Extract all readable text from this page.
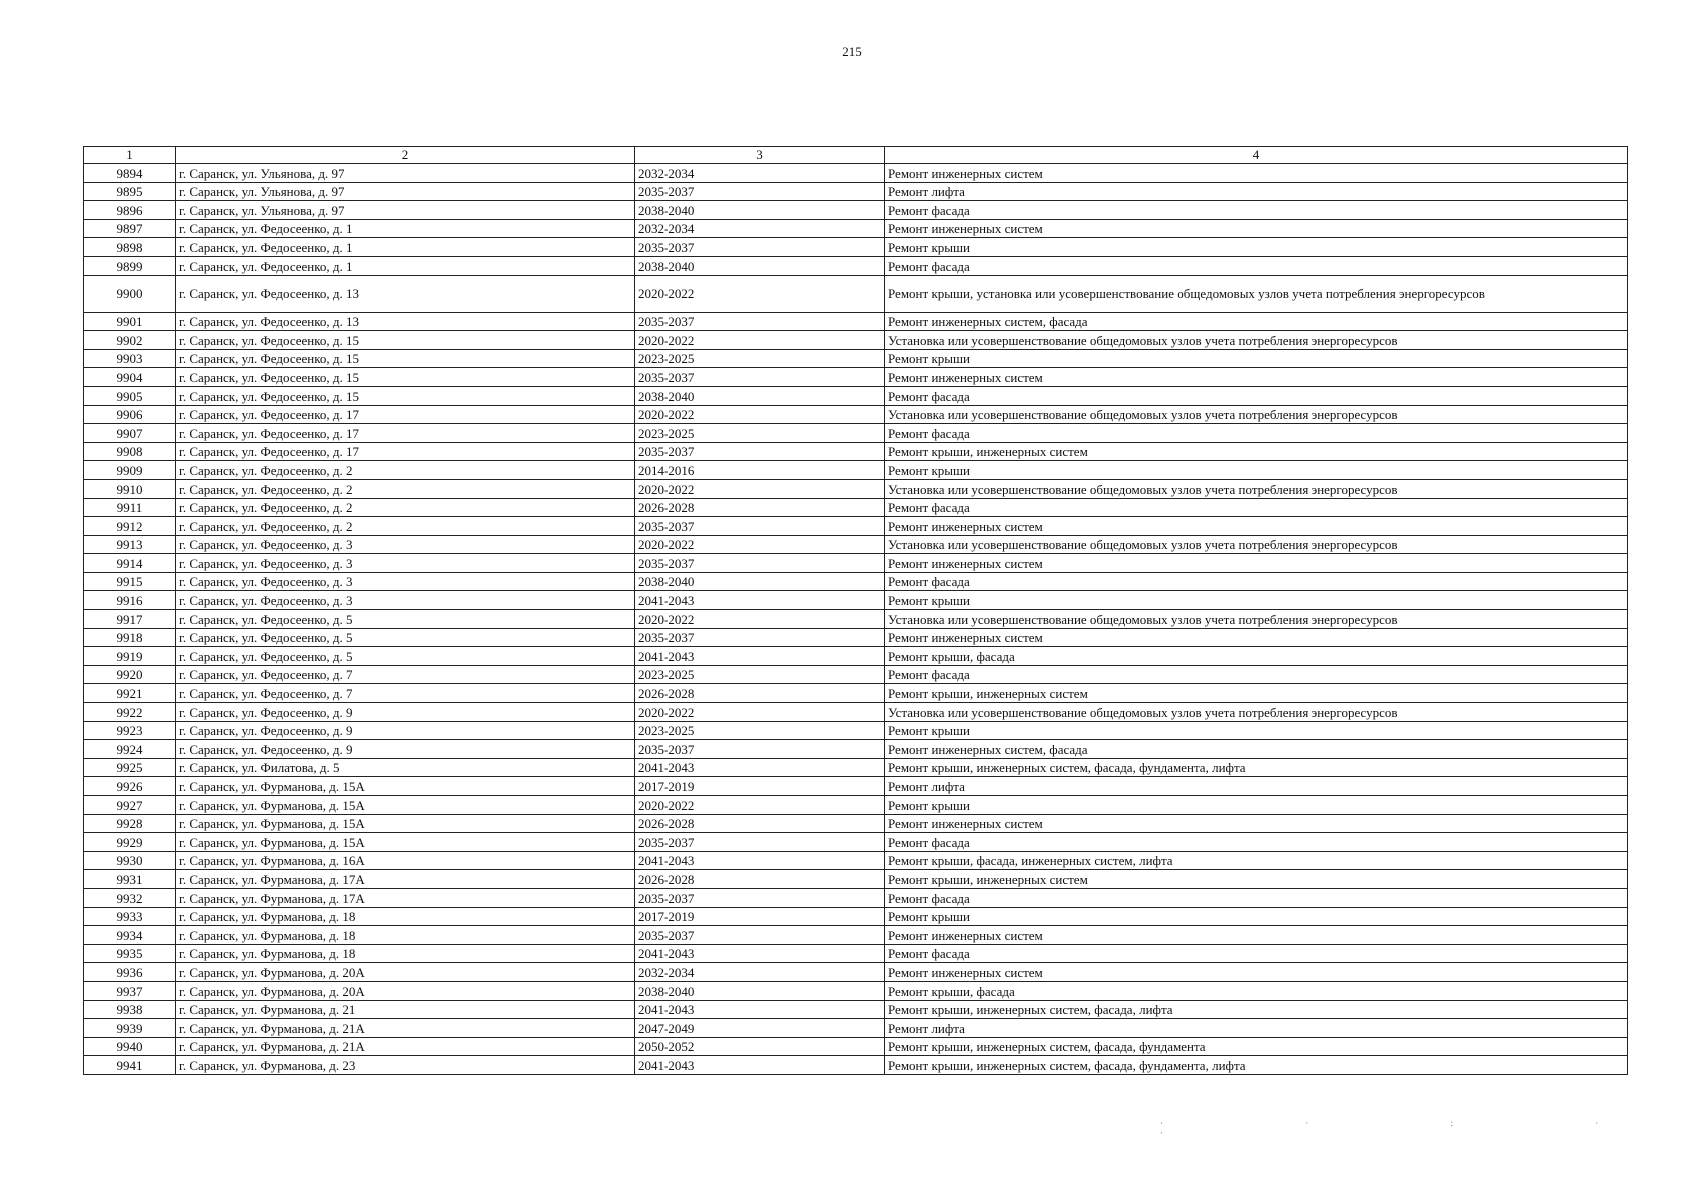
215
1	2	3	4
9894	г. Саранск, ул. Ульянова, д. 97	2032-2034	Ремонт инженерных систем
9895	г. Саранск, ул. Ульянова, д. 97	2035-2037	Ремонт лифта
9896	г. Саранск, ул. Ульянова, д. 97	2038-2040	Ремонт фасада
9897	г. Саранск, ул. Федосеенко, д. 1	2032-2034	Ремонт инженерных систем
9898	г. Саранск, ул. Федосеенко, д. 1	2035-2037	Ремонт крыши
9899	г. Саранск, ул. Федосеенко, д. 1	2038-2040	Ремонт фасада
9900	г. Саранск, ул. Федосеенко, д. 13	2020-2022	Ремонт крыши, установка или усовершенствование общедомовых узлов учета потребления энергоресурсов
9901	г. Саранск, ул. Федосеенко, д. 13	2035-2037	Ремонт инженерных систем, фасада
9902	г. Саранск, ул. Федосеенко, д. 15	2020-2022	Установка или усовершенствование общедомовых узлов учета потребления энергоресурсов
9903	г. Саранск, ул. Федосеенко, д. 15	2023-2025	Ремонт крыши
9904	г. Саранск, ул. Федосеенко, д. 15	2035-2037	Ремонт инженерных систем
9905	г. Саранск, ул. Федосеенко, д. 15	2038-2040	Ремонт фасада
9906	г. Саранск, ул. Федосеенко, д. 17	2020-2022	Установка или усовершенствование общедомовых узлов учета потребления энергоресурсов
9907	г. Саранск, ул. Федосеенко, д. 17	2023-2025	Ремонт фасада
9908	г. Саранск, ул. Федосеенко, д. 17	2035-2037	Ремонт крыши, инженерных систем
9909	г. Саранск, ул. Федосеенко, д. 2	2014-2016	Ремонт крыши
9910	г. Саранск, ул. Федосеенко, д. 2	2020-2022	Установка или усовершенствование общедомовых узлов учета потребления энергоресурсов
9911	г. Саранск, ул. Федосеенко, д. 2	2026-2028	Ремонт фасада
9912	г. Саранск, ул. Федосеенко, д. 2	2035-2037	Ремонт инженерных систем
9913	г. Саранск, ул. Федосеенко, д. 3	2020-2022	Установка или усовершенствование общедомовых узлов учета потребления энергоресурсов
9914	г. Саранск, ул. Федосеенко, д. 3	2035-2037	Ремонт инженерных систем
9915	г. Саранск, ул. Федосеенко, д. 3	2038-2040	Ремонт фасада
9916	г. Саранск, ул. Федосеенко, д. 3	2041-2043	Ремонт крыши
9917	г. Саранск, ул. Федосеенко, д. 5	2020-2022	Установка или усовершенствование общедомовых узлов учета потребления энергоресурсов
9918	г. Саранск, ул. Федосеенко, д. 5	2035-2037	Ремонт инженерных систем
9919	г. Саранск, ул. Федосеенко, д. 5	2041-2043	Ремонт крыши, фасада
9920	г. Саранск, ул. Федосеенко, д. 7	2023-2025	Ремонт фасада
9921	г. Саранск, ул. Федосеенко, д. 7	2026-2028	Ремонт крыши, инженерных систем
9922	г. Саранск, ул. Федосеенко, д. 9	2020-2022	Установка или усовершенствование общедомовых узлов учета потребления энергоресурсов
9923	г. Саранск, ул. Федосеенко, д. 9	2023-2025	Ремонт крыши
9924	г. Саранск, ул. Федосеенко, д. 9	2035-2037	Ремонт инженерных систем, фасада
9925	г. Саранск, ул. Филатова, д. 5	2041-2043	Ремонт крыши, инженерных систем, фасада, фундамента, лифта
9926	г. Саранск, ул. Фурманова, д. 15А	2017-2019	Ремонт лифта
9927	г. Саранск, ул. Фурманова, д. 15А	2020-2022	Ремонт крыши
9928	г. Саранск, ул. Фурманова, д. 15А	2026-2028	Ремонт инженерных систем
9929	г. Саранск, ул. Фурманова, д. 15А	2035-2037	Ремонт фасада
9930	г. Саранск, ул. Фурманова, д. 16А	2041-2043	Ремонт крыши, фасада, инженерных систем, лифта
9931	г. Саранск, ул. Фурманова, д. 17А	2026-2028	Ремонт крыши, инженерных систем
9932	г. Саранск, ул. Фурманова, д. 17А	2035-2037	Ремонт фасада
9933	г. Саранск, ул. Фурманова, д. 18	2017-2019	Ремонт крыши
9934	г. Саранск, ул. Фурманова, д. 18	2035-2037	Ремонт инженерных систем
9935	г. Саранск, ул. Фурманова, д. 18	2041-2043	Ремонт фасада
9936	г. Саранск, ул. Фурманова, д. 20А	2032-2034	Ремонт инженерных систем
9937	г. Саранск, ул. Фурманова, д. 20А	2038-2040	Ремонт крыши, фасада
9938	г. Саранск, ул. Фурманова, д. 21	2041-2043	Ремонт крыши, инженерных систем, фасада, лифта
9939	г. Саранск, ул. Фурманова, д. 21А	2047-2049	Ремонт лифта
9940	г. Саранск, ул. Фурманова, д. 21А	2050-2052	Ремонт крыши, инженерных систем, фасада, фундамента
9941	г. Саранск, ул. Фурманова, д. 23	2041-2043	Ремонт крыши, инженерных систем, фасада, фундамента, лифта
· · : · ·
